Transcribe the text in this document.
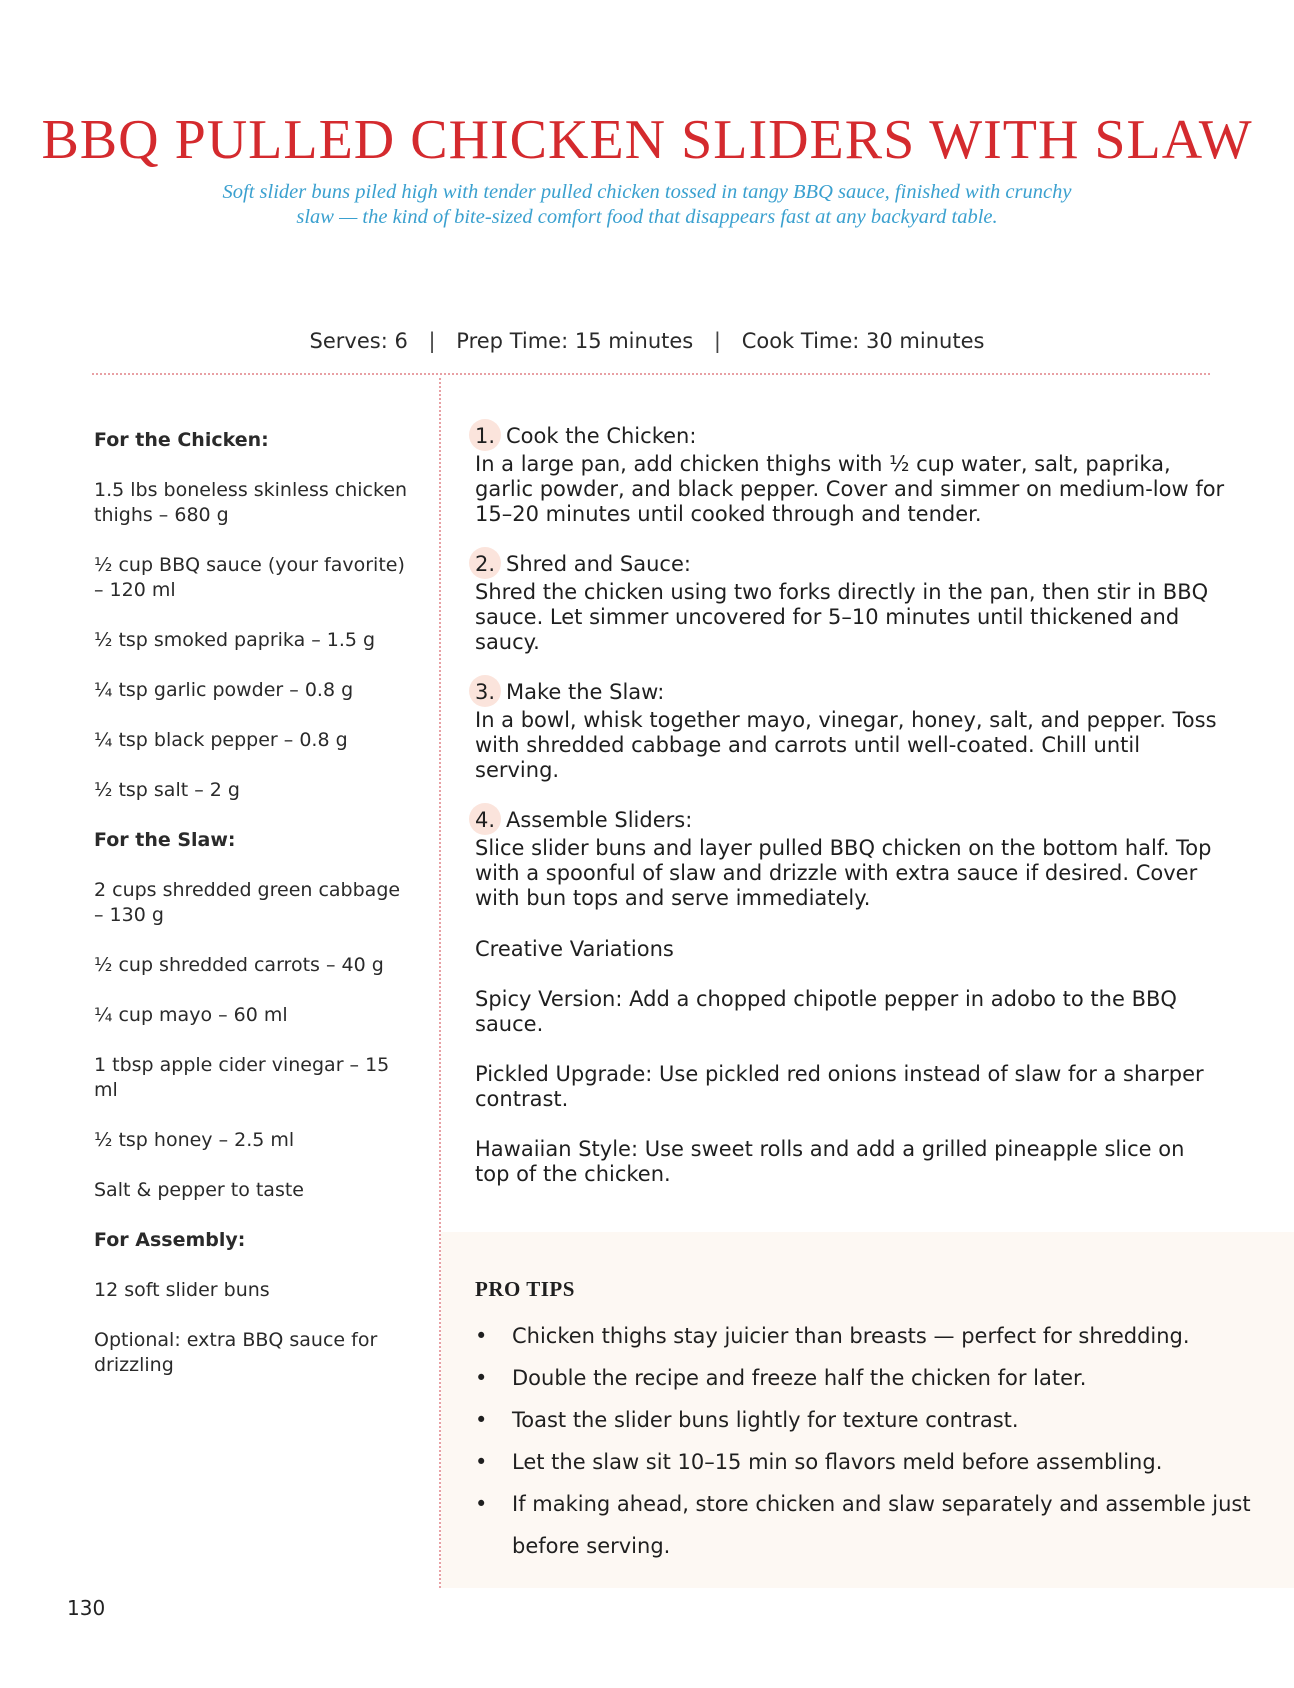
BBQ PULLED CHICKEN SLIDERS WITH SLAW
Soft slider buns piled high with tender pulled chicken tossed in tangy BBQ sauce, finished with crunchy
slaw — the kind of bite-sized comfort food that disappears fast at any backyard table.
Serves: 6 | Prep Time: 15 minutes | Cook Time: 30 minutes

For the Chicken:

1.5 lbs boneless skinless chicken thighs – 680 g

½ cup BBQ sauce (your favorite) – 120 ml

½ tsp smoked paprika – 1.5 g

¼ tsp garlic powder – 0.8 g

¼ tsp black pepper – 0.8 g

½ tsp salt – 2 g

For the Slaw:

2 cups shredded green cabbage – 130 g

½ cup shredded carrots – 40 g

¼ cup mayo – 60 ml

1 tbsp apple cider vinegar – 15 ml

½ tsp honey – 2.5 ml

Salt & pepper to taste

For Assembly:

12 soft slider buns

Optional: extra BBQ sauce for drizzling

1. Cook the Chicken:
In a large pan, add chicken thighs with ½ cup water, salt, paprika, garlic powder, and black pepper. Cover and simmer on medium-low for 15–20 minutes until cooked through and tender.
2. Shred and Sauce:
Shred the chicken using two forks directly in the pan, then stir in BBQ sauce. Let simmer uncovered for 5–10 minutes until thickened and saucy.
3. Make the Slaw:
In a bowl, whisk together mayo, vinegar, honey, salt, and pepper. Toss with shredded cabbage and carrots until well-coated. Chill until serving.
4. Assemble Sliders:
Slice slider buns and layer pulled BBQ chicken on the bottom half. Top with a spoonful of slaw and drizzle with extra sauce if desired. Cover with bun tops and serve immediately.

Creative Variations

Spicy Version: Add a chopped chipotle pepper in adobo to the BBQ sauce.

Pickled Upgrade: Use pickled red onions instead of slaw for a sharper contrast.

Hawaiian Style: Use sweet rolls and add a grilled pineapple slice on top of the chicken.

PRO TIPS
• Chicken thighs stay juicier than breasts — perfect for shredding.
• Double the recipe and freeze half the chicken for later.
• Toast the slider buns lightly for texture contrast.
• Let the slaw sit 10–15 min so flavors meld before assembling.
• If making ahead, store chicken and slaw separately and assemble just before serving.
130
